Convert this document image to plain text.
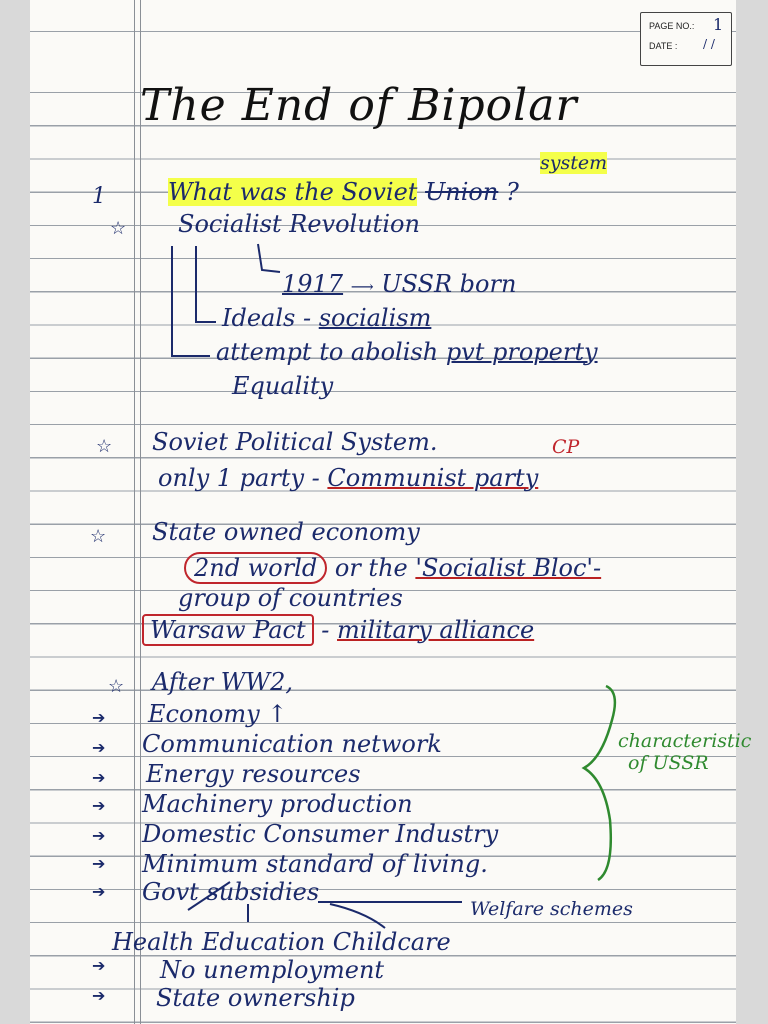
PAGE NO.: 1
DATE : / /
The End of Bipolar
1	What was the Soviet Union ?
system
☆ Socialist Revolution
1917 ⟶ USSR born
Ideals - socialism
attempt to abolish pvt property
Equality
☆ Soviet Political System.	CP
only 1 party - Communist party
☆ State owned economy
2nd world or the 'Socialist Bloc'-
group of countries
Warsaw Pact - military alliance
☆ After WW2,
➔ Economy ↑
➔ Communication network
➔ Energy resources
➔ Machinery production
➔ Domestic Consumer Industry
➔ Minimum standard of living.
➔ Govt subsidies
Welfare schemes
characteristic
of USSR
Health Education Childcare
➔ No unemployment
➔ State ownership
